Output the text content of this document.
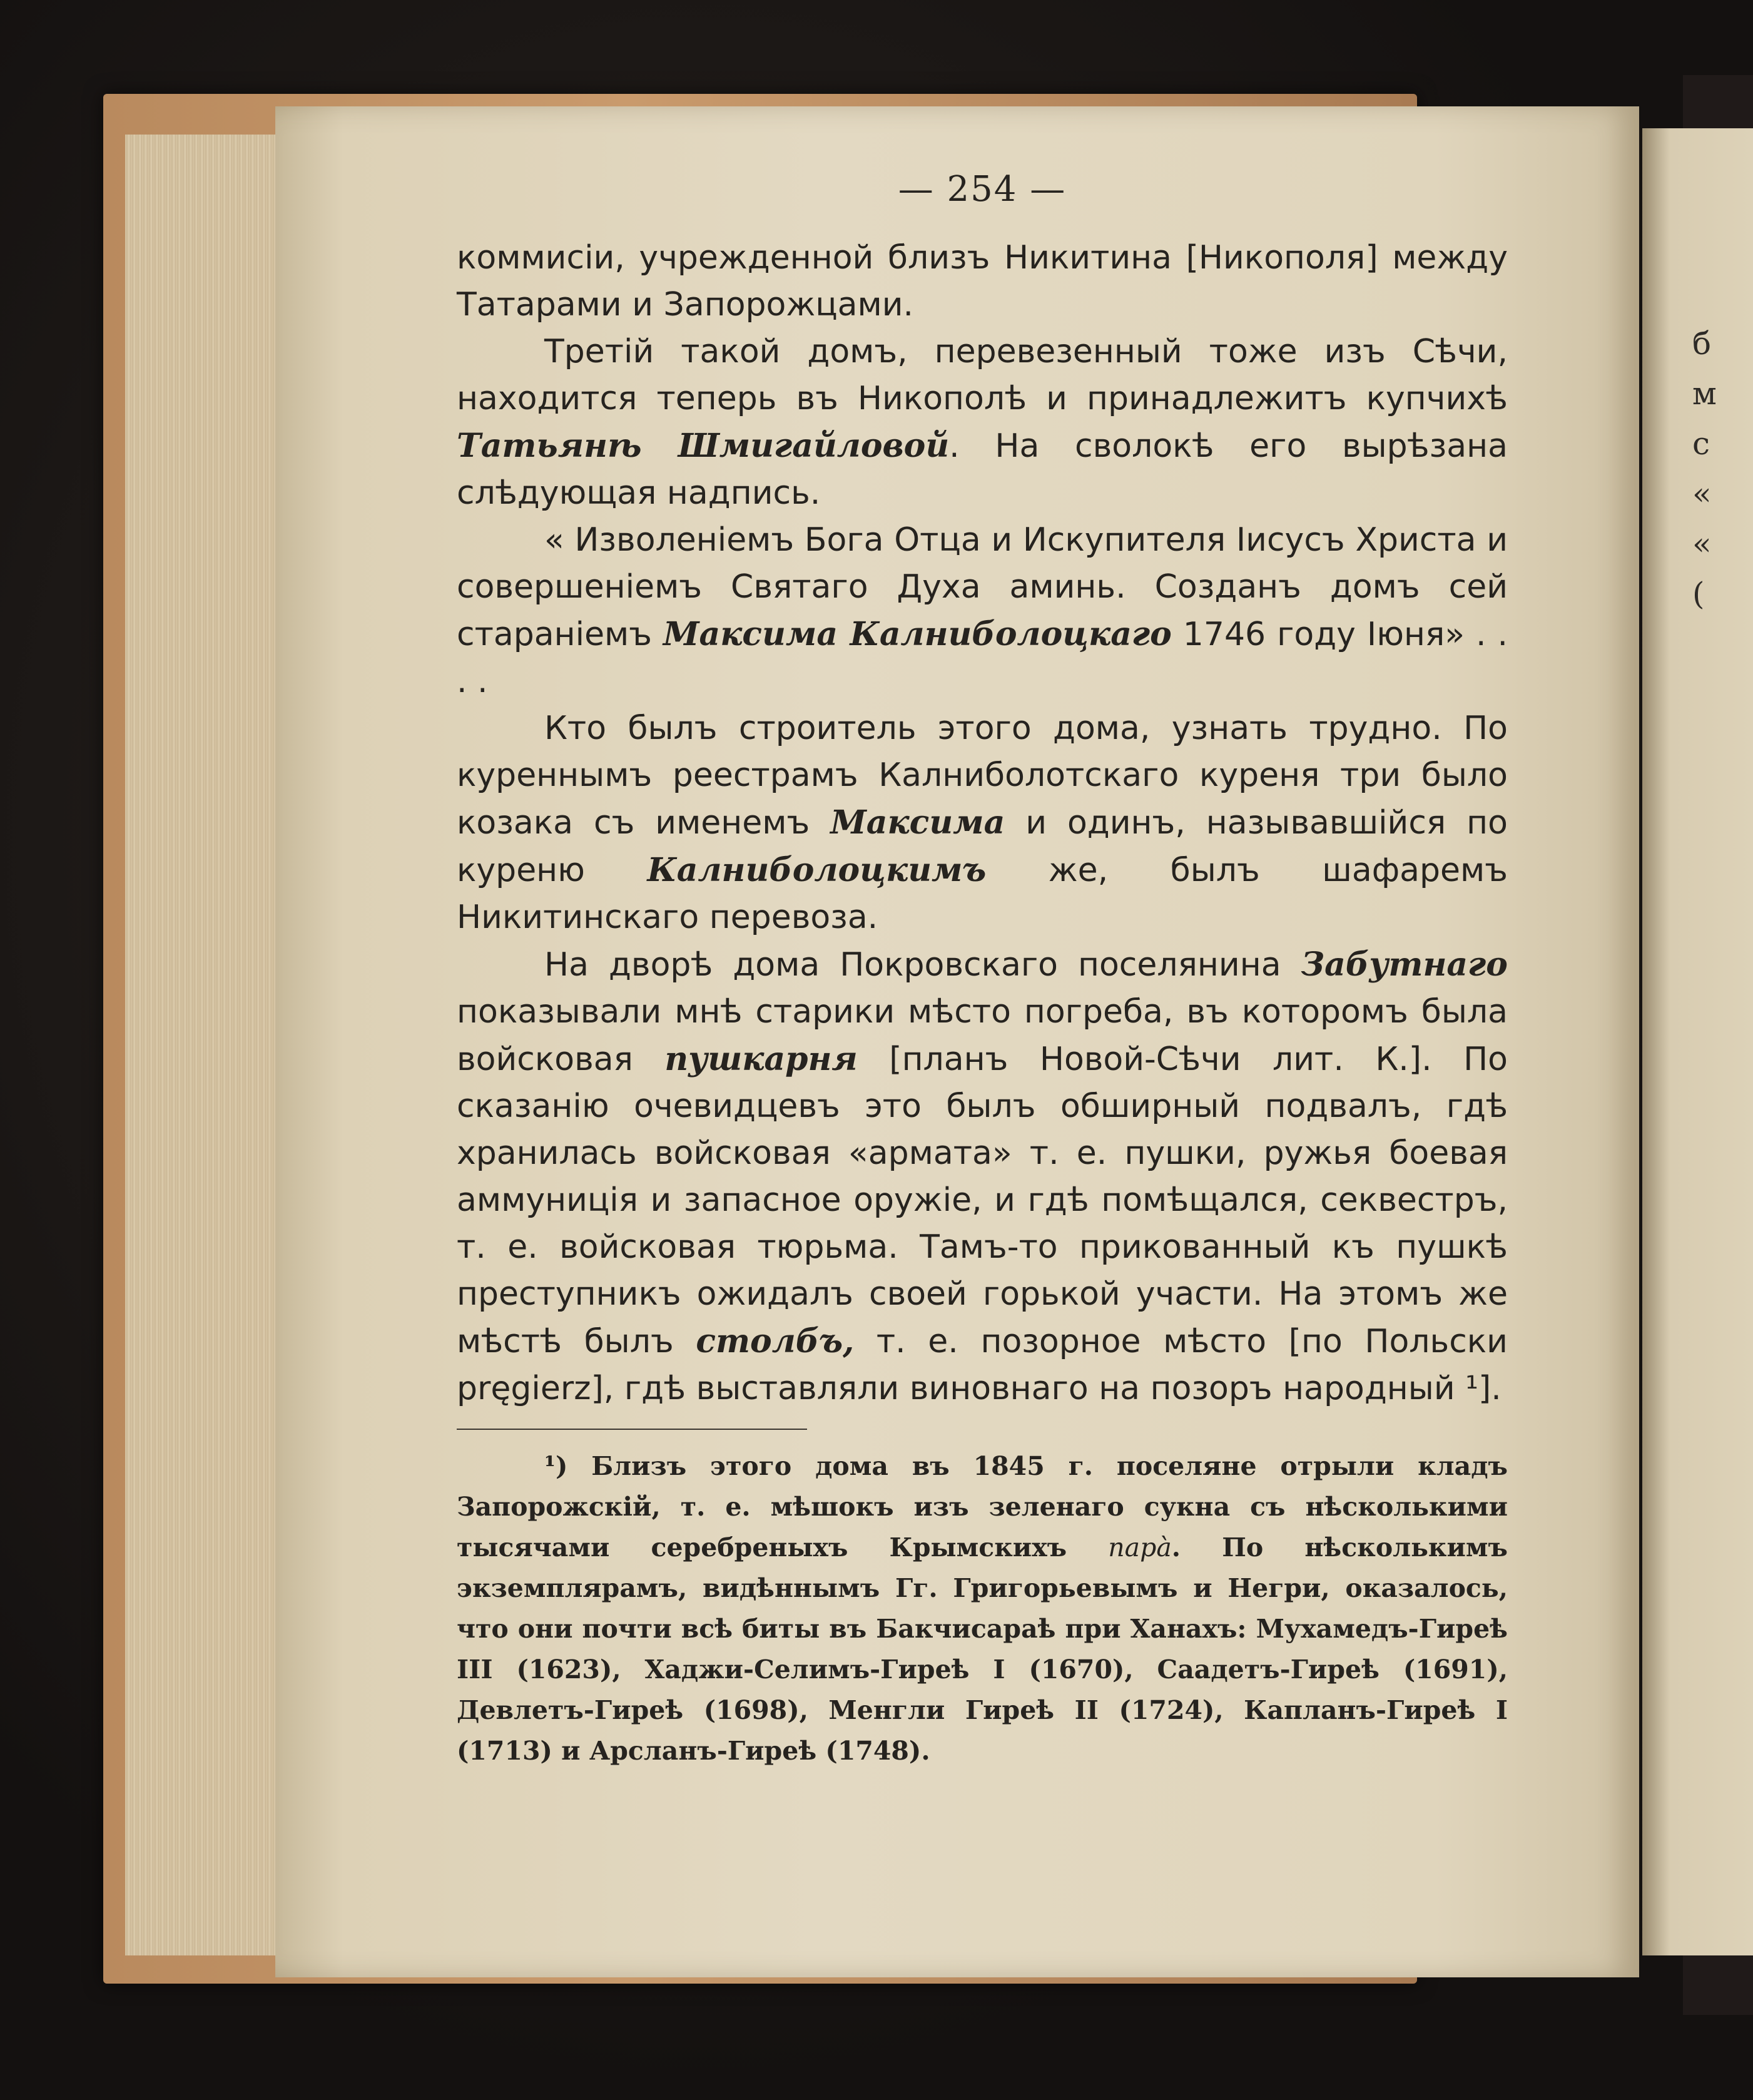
б
м
с
«
«
(
— 254 —

коммисіи, учрежденной близъ Никитина [Никополя] между Татарами и Запорожцами.

Третій такой домъ, перевезенный тоже изъ Сѣчи, находится теперь въ Никополѣ и принадлежитъ купчихѣ Татьянѣ Шмигайловой. На сволокѣ его вырѣзана слѣдующая надпись.

« Изволеніемъ Бога Отца и Искупителя Іисусъ Христа и совершеніемъ Святаго Духа аминь. Созданъ домъ сей стараніемъ Максима Калниболоцкаго 1746 году Іюня» . . . .

Кто былъ строитель этого дома, узнать трудно. По куреннымъ реестрамъ Калниболотскаго куреня три было козака съ именемъ Максима и одинъ, называвшійся по куреню Калниболоцкимъ же, былъ шафаремъ Никитинскаго перевоза.

На дворѣ дома Покровскаго поселянина Забутнаго показывали мнѣ старики мѣсто погреба, въ которомъ была войсковая пушкарня [планъ Новой-Сѣчи лит. К.]. По сказанію очевидцевъ это былъ обширный подвалъ, гдѣ хранилась войсковая «армата» т. е. пушки, ружья боевая аммуниція и запасное оружіе, и гдѣ помѣщался, секвестръ, т. е. войсковая тюрьма. Тамъ-то прикованный къ пушкѣ преступникъ ожидалъ своей горькой участи. На этомъ же мѣстѣ былъ столбъ, т. е. позорное мѣсто [по Польски pręgierz], гдѣ выставляли виновнаго на позоръ народный ¹].

¹) Близъ этого дома въ 1845 г. поселяне отрыли кладъ Запорожскій, т. е. мѣшокъ изъ зеленаго сукна съ нѣсколькими тысячами серебреныхъ Крымскихъ парà. По нѣсколькимъ экземплярамъ, видѣннымъ Гг. Григорьевымъ и Негри, оказалось, что они почти всѣ биты въ Бакчисараѣ при Ханахъ: Мухамедъ-Гиреѣ III (1623), Хаджи-Селимъ-Гиреѣ I (1670), Саадетъ-Гиреѣ (1691), Девлетъ-Гиреѣ (1698), Менгли Гиреѣ II (1724), Капланъ-Гиреѣ I (1713) и Арсланъ-Гиреѣ (1748).
